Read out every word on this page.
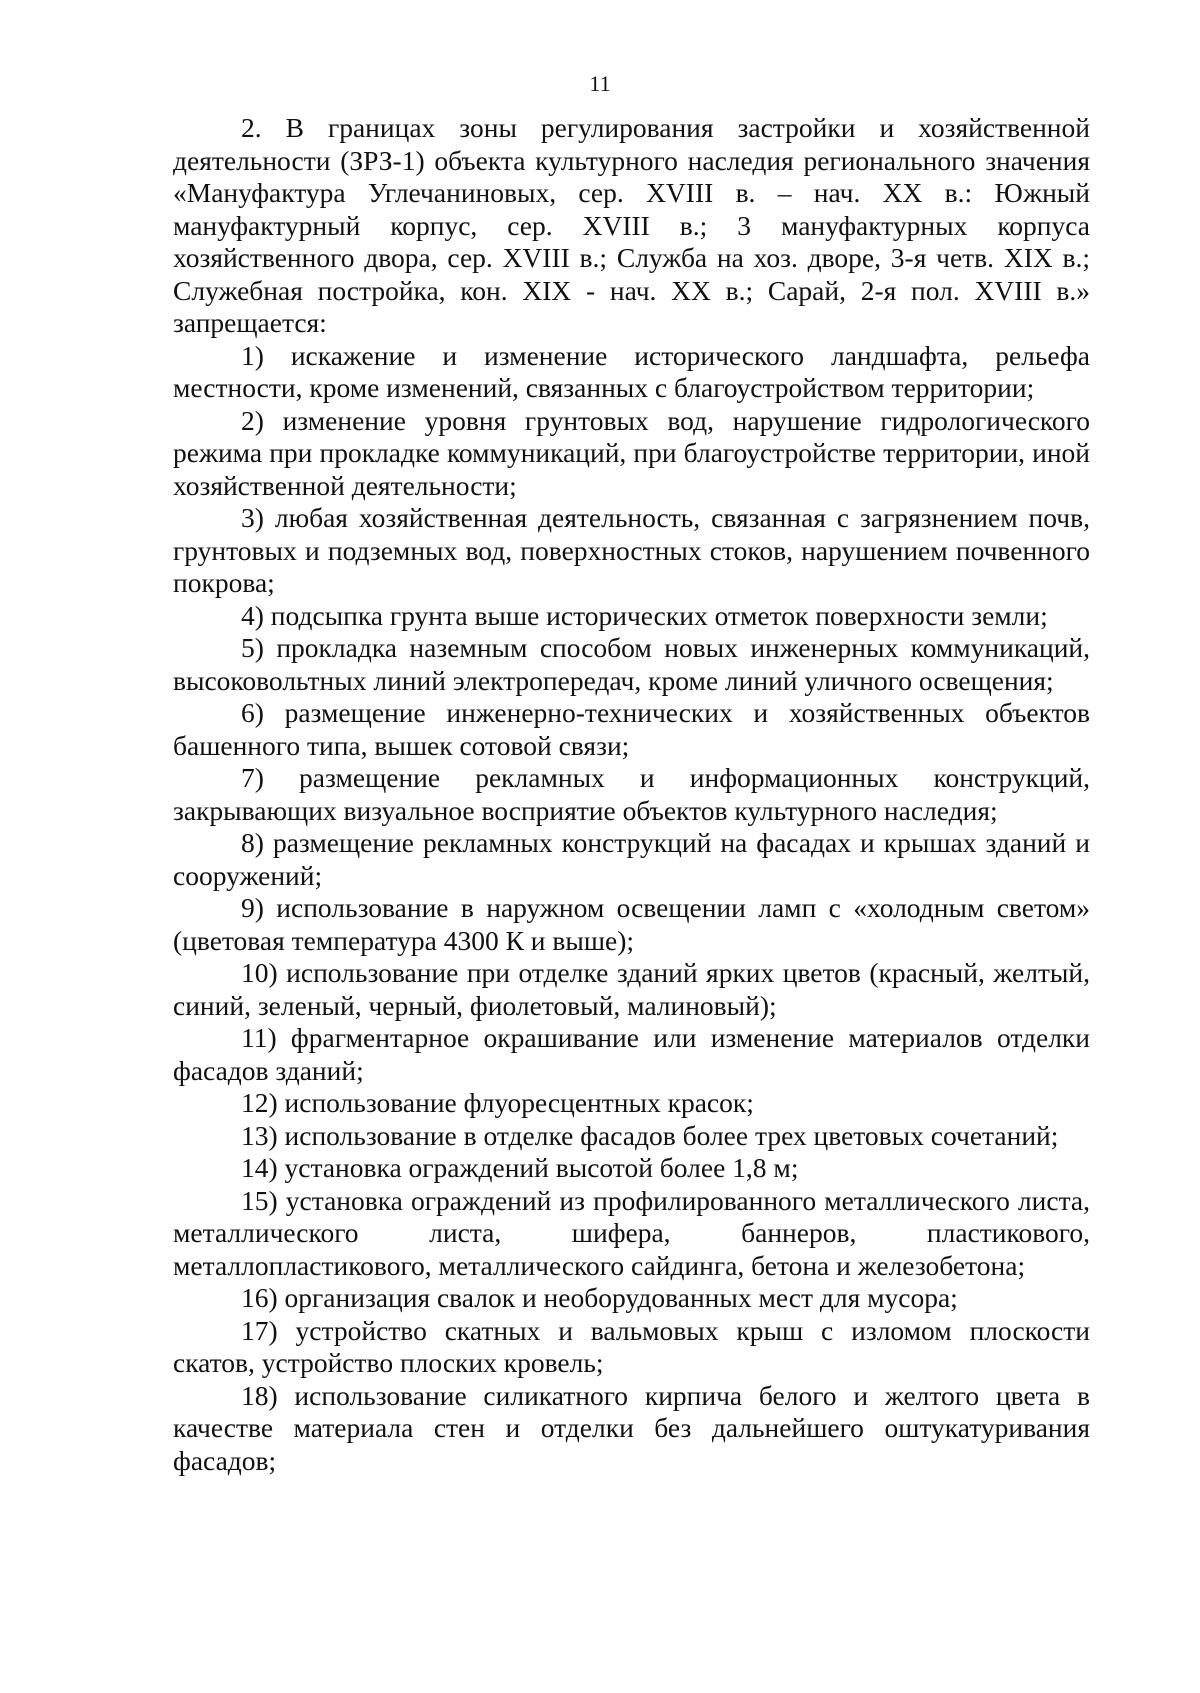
11

2. В границах зоны регулирования застройки и хозяйственной деятельности (ЗРЗ-1) объекта культурного наследия регионального значения «Мануфактура Углечаниновых, сер. XVIII в. – нач. XX в.: Южный мануфактурный корпус, сер. XVIII в.; 3 мануфактурных корпуса хозяйственного двора, сер. XVIII в.; Служба на хоз. дворе, 3-я четв. XIX в.; Служебная постройка, кон. XIX - нач. XX в.; Сарай, 2-я пол. XVIII в.» запрещается:

1) искажение и изменение исторического ландшафта, рельефа местности, кроме изменений, связанных с благоустройством территории;

2) изменение уровня грунтовых вод, нарушение гидрологического режима при прокладке коммуникаций, при благоустройстве территории, иной хозяйственной деятельности;

3) любая хозяйственная деятельность, связанная с загрязнением почв, грунтовых и подземных вод, поверхностных стоков, нарушением почвенного покрова;

4) подсыпка грунта выше исторических отметок поверхности земли;

5) прокладка наземным способом новых инженерных коммуникаций, высоковольтных линий электропередач, кроме линий уличного освещения;

6) размещение инженерно-технических и хозяйственных объектов башенного типа, вышек сотовой связи;

7) размещение рекламных и информационных конструкций, закрывающих визуальное восприятие объектов культурного наследия;

8) размещение рекламных конструкций на фасадах и крышах зданий и сооружений;

9) использование в наружном освещении ламп с «холодным светом» (цветовая температура 4300 К и выше);

10) использование при отделке зданий ярких цветов (красный, желтый, синий, зеленый, черный, фиолетовый, малиновый);

11) фрагментарное окрашивание или изменение материалов отделки фасадов зданий;

12) использование флуоресцентных красок;

13) использование в отделке фасадов более трех цветовых сочетаний;

14) установка ограждений высотой более 1,8 м;

15) установка ограждений из профилированного металлического листа, металлического листа, шифера, баннеров, пластикового, металлопластикового, металлического сайдинга, бетона и железобетона;

16) организация свалок и необорудованных мест для мусора;

17) устройство скатных и вальмовых крыш с изломом плоскости скатов, устройство плоских кровель;

18) использование силикатного кирпича белого и желтого цвета в качестве материала стен и отделки без дальнейшего оштукатуривания фасадов;
